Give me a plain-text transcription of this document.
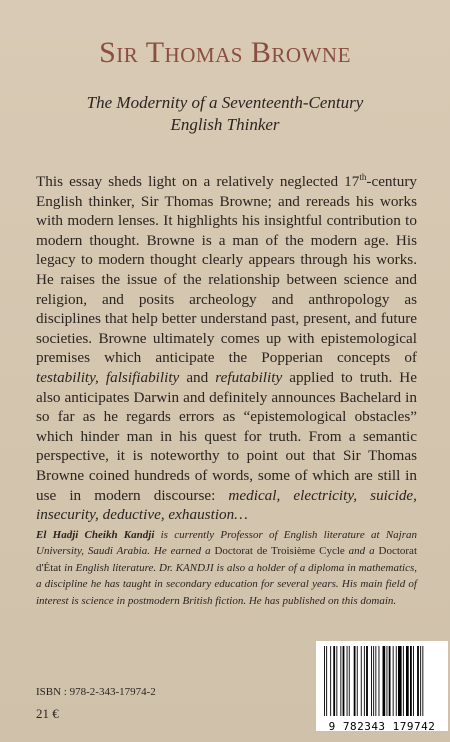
Sir Thomas Browne
The Modernity of a Seventeenth-Century
English Thinker
This essay sheds light on a relatively neglected 17th-century English thinker, Sir Thomas Browne; and rereads his works with modern lenses. It highlights his insightful contribution to modern thought. Browne is a man of the modern age. His legacy to modern thought clearly appears through his works. He raises the issue of the relationship between science and religion, and posits archeology and anthropology as disciplines that help better understand past, present, and future societies. Browne ultimately comes up with epistemological premises which anticipate the Popperian concepts of testability, falsifiability and refutability applied to truth. He also anticipates Darwin and definitely announces Bachelard in so far as he regards errors as “epistemological obstacles” which hinder man in his quest for truth. From a semantic perspective, it is noteworthy to point out that Sir Thomas Browne coined hundreds of words, some of which are still in use in modern discourse: medical, electricity, suicide, insecurity, deductive, exhaustion…
El Hadji Cheikh Kandji is currently Professor of English literature at Najran University, Saudi Arabia. He earned a Doctorat de Troisième Cycle and a Doctorat d'État in English literature. Dr. KANDJI is also a holder of a diploma in mathematics, a discipline he has taught in secondary education for several years. His main field of interest is science in postmodern British fiction. He has published on this domain.
ISBN : 978-2-343-17974-2
21 €
9 782343 179742
